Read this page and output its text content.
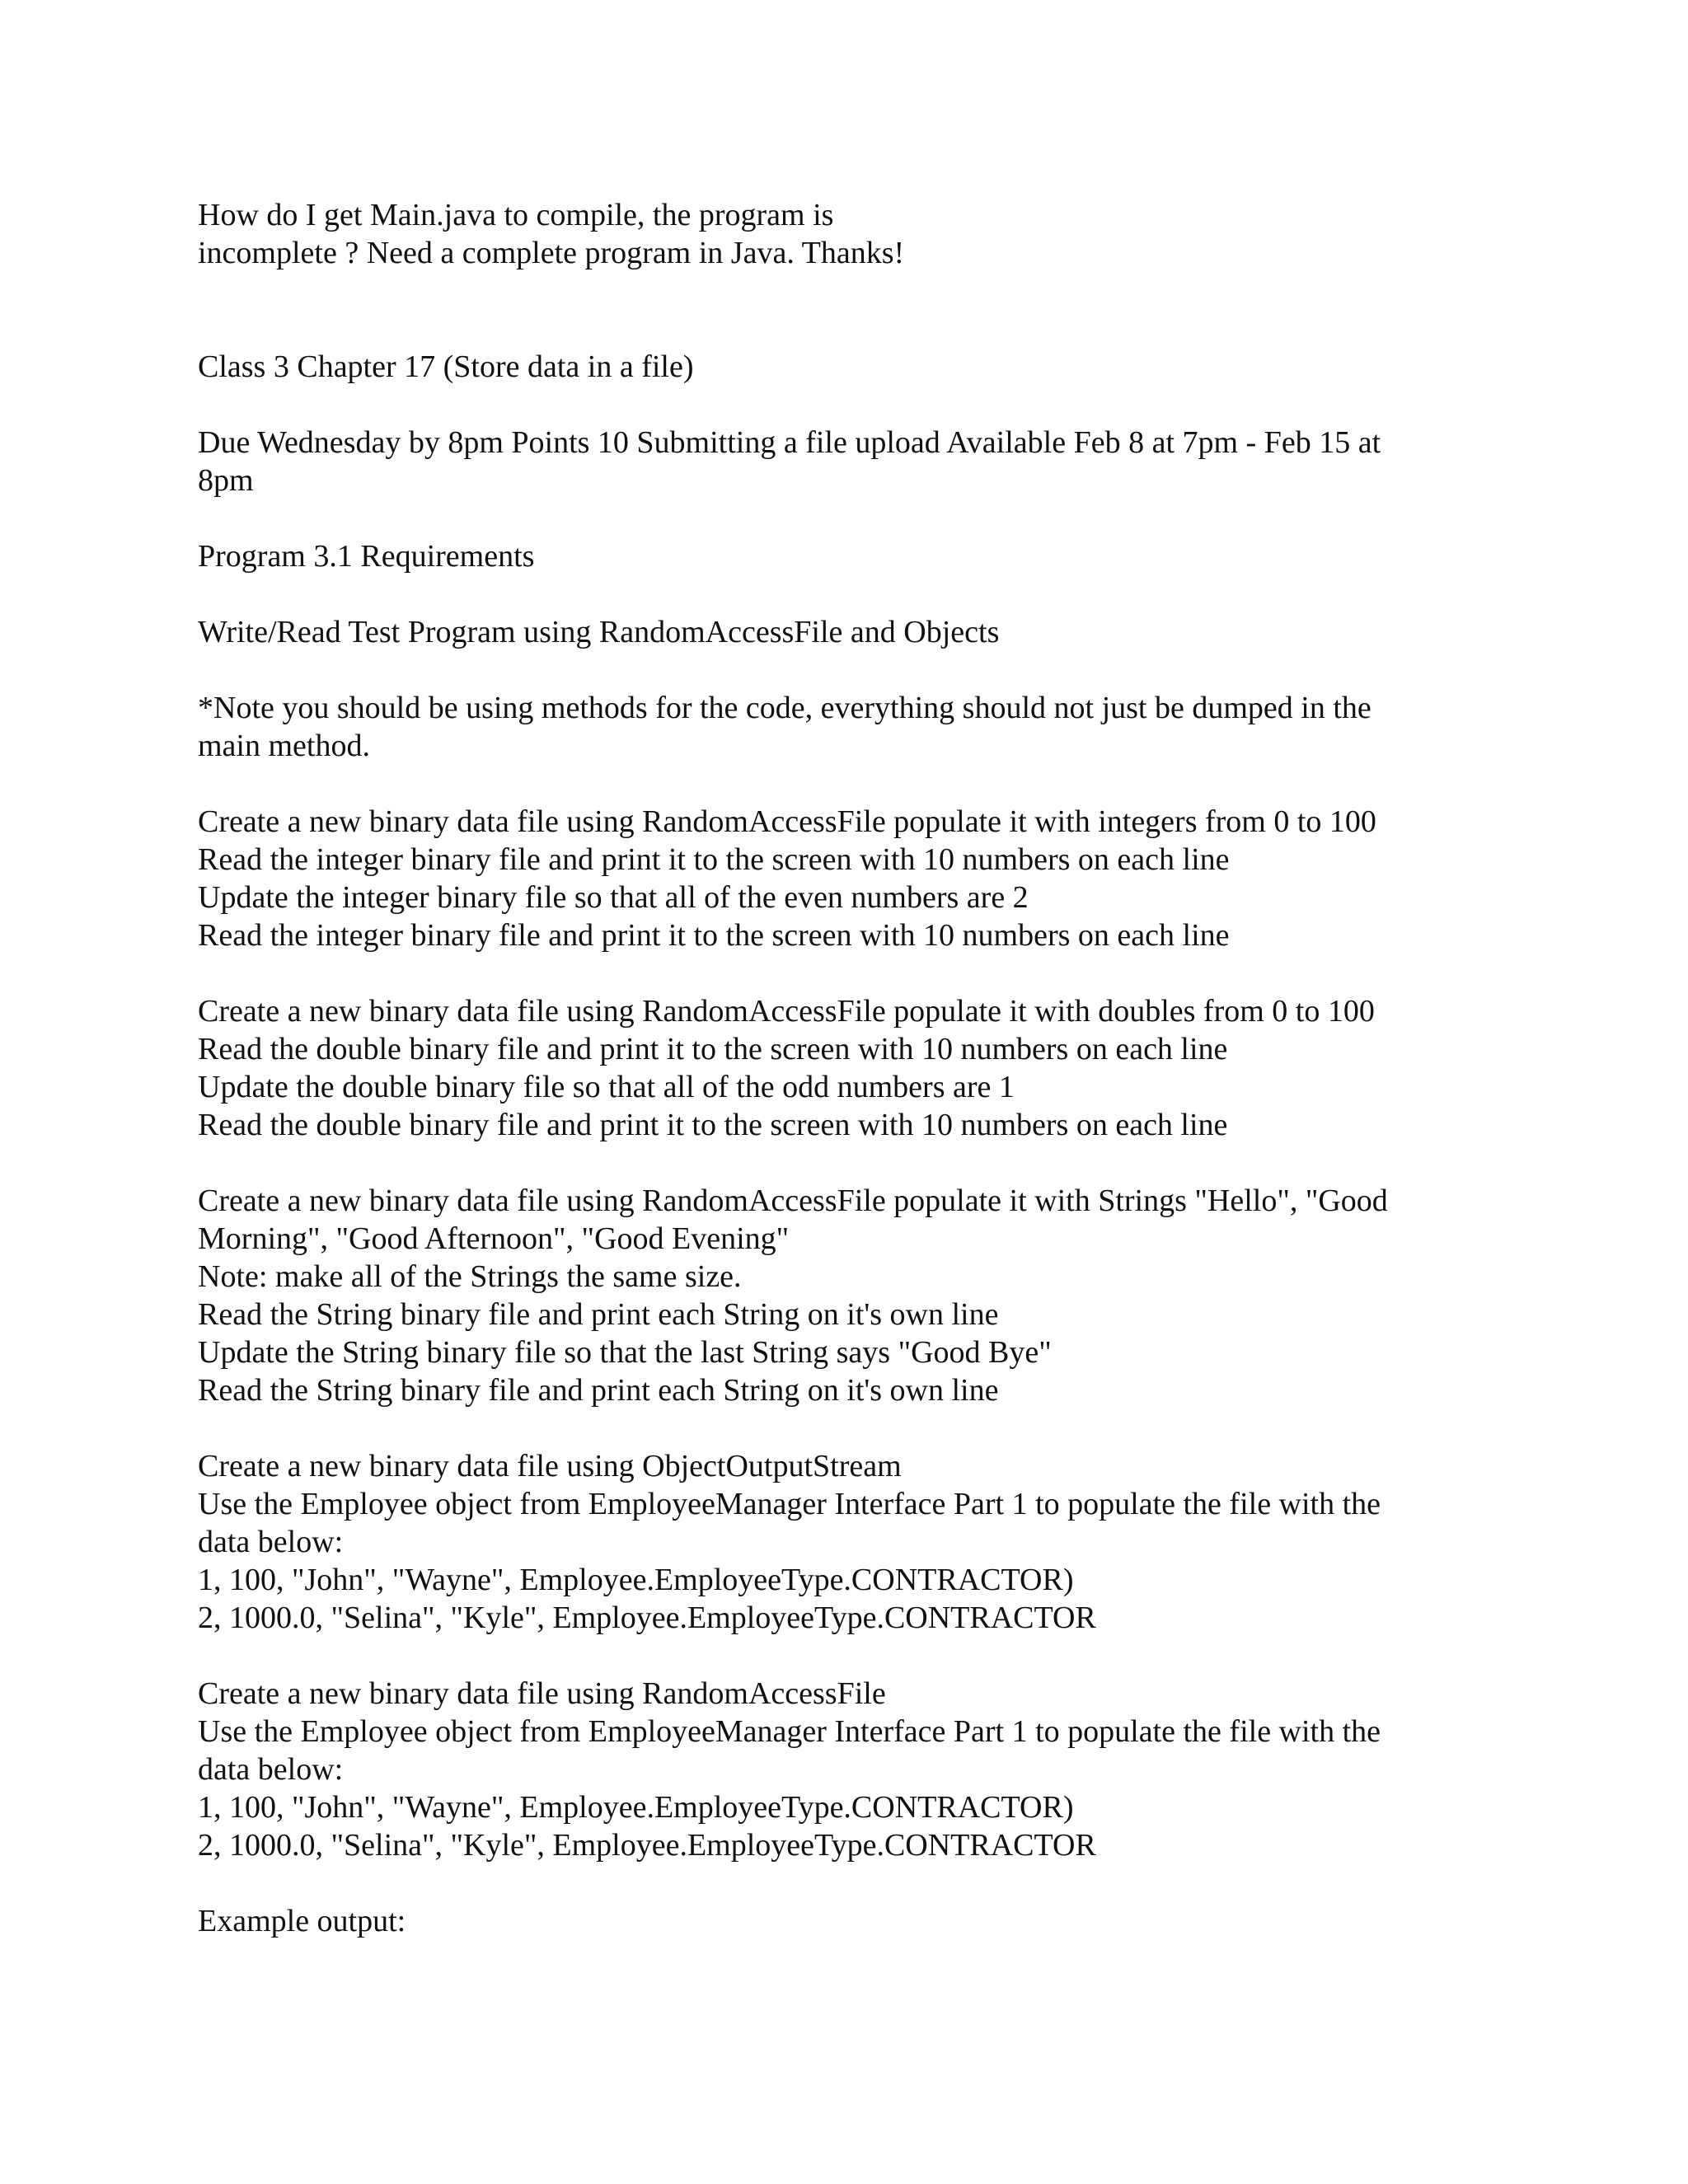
How do I get Main.java to compile, the program is
incomplete ? Need a complete program in Java. Thanks!
Class 3 Chapter 17 (Store data in a file)
Due Wednesday by 8pm Points 10 Submitting a file upload Available Feb 8 at 7pm - Feb 15 at
8pm
Program 3.1 Requirements
Write/Read Test Program using RandomAccessFile and Objects
*Note you should be using methods for the code, everything should not just be dumped in the
main method.
Create a new binary data file using RandomAccessFile populate it with integers from 0 to 100
Read the integer binary file and print it to the screen with 10 numbers on each line
Update the integer binary file so that all of the even numbers are 2
Read the integer binary file and print it to the screen with 10 numbers on each line
Create a new binary data file using RandomAccessFile populate it with doubles from 0 to 100
Read the double binary file and print it to the screen with 10 numbers on each line
Update the double binary file so that all of the odd numbers are 1
Read the double binary file and print it to the screen with 10 numbers on each line
Create a new binary data file using RandomAccessFile populate it with Strings "Hello", "Good
Morning", "Good Afternoon", "Good Evening"
Note: make all of the Strings the same size.
Read the String binary file and print each String on it's own line
Update the String binary file so that the last String says "Good Bye"
Read the String binary file and print each String on it's own line
Create a new binary data file using ObjectOutputStream
Use the Employee object from EmployeeManager Interface Part 1 to populate the file with the
data below:
1, 100, "John", "Wayne", Employee.EmployeeType.CONTRACTOR)
2, 1000.0, "Selina", "Kyle", Employee.EmployeeType.CONTRACTOR
Create a new binary data file using RandomAccessFile
Use the Employee object from EmployeeManager Interface Part 1 to populate the file with the
data below:
1, 100, "John", "Wayne", Employee.EmployeeType.CONTRACTOR)
2, 1000.0, "Selina", "Kyle", Employee.EmployeeType.CONTRACTOR
Example output:
